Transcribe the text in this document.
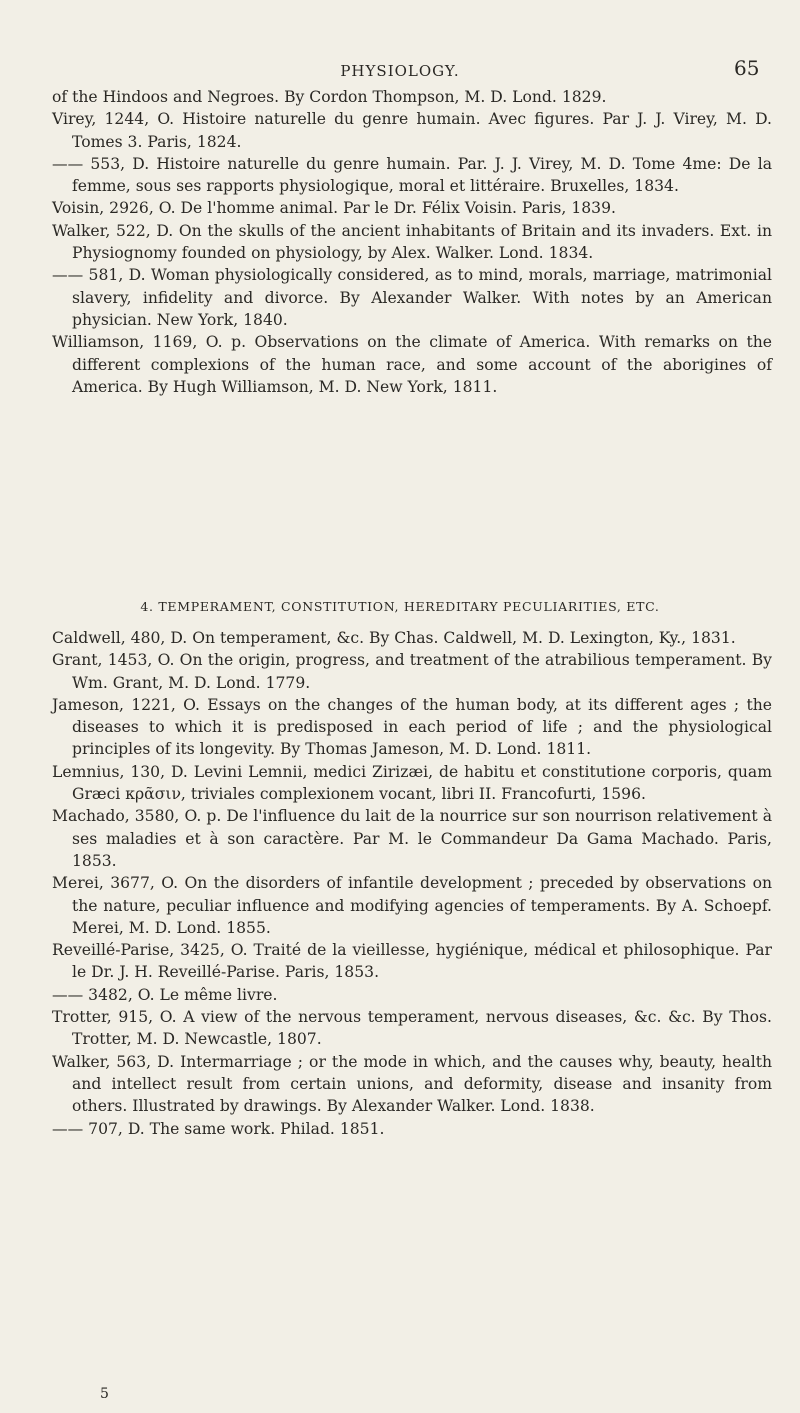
PHYSIOLOGY.	65

of the Hindoos and Negroes. By Cordon Thompson, M. D. Lond. 1829.

Virey, 1244, O. Histoire naturelle du genre humain. Avec figures. Par J. J. Virey, M. D. Tomes 3. Paris, 1824.

—— 553, D. Histoire naturelle du genre humain. Par. J. J. Virey, M. D. Tome 4me: De la femme, sous ses rapports physiologique, moral et littéraire. Bruxelles, 1834.

Voisin, 2926, O. De l'homme animal. Par le Dr. Félix Voisin. Paris, 1839.

Walker, 522, D. On the skulls of the ancient inhabitants of Britain and its invaders. Ext. in Physiognomy founded on physiology, by Alex. Walker. Lond. 1834.

—— 581, D. Woman physiologically considered, as to mind, morals, marriage, matrimonial slavery, infidelity and divorce. By Alexander Walker. With notes by an American physician. New York, 1840.

Williamson, 1169, O. p. Observations on the climate of America. With remarks on the different complexions of the human race, and some account of the aborigines of America. By Hugh Williamson, M. D. New York, 1811.

4. TEMPERAMENT, CONSTITUTION, HEREDITARY PECULIARITIES, ETC.

Caldwell, 480, D. On temperament, &c. By Chas. Caldwell, M. D. Lexington, Ky., 1831.

Grant, 1453, O. On the origin, progress, and treatment of the atrabilious temperament. By Wm. Grant, M. D. Lond. 1779.

Jameson, 1221, O. Essays on the changes of the human body, at its different ages ; the diseases to which it is predisposed in each period of life ; and the physiological principles of its longevity. By Thomas Jameson, M. D. Lond. 1811.

Lemnius, 130, D. Levini Lemnii, medici Zirizæi, de habitu et constitutione corporis, quam Græci κρᾶσιν, triviales complexionem vocant, libri II. Francofurti, 1596.

Machado, 3580, O. p. De l'influence du lait de la nourrice sur son nourrison relativement à ses maladies et à son caractère. Par M. le Commandeur Da Gama Machado. Paris, 1853.

Merei, 3677, O. On the disorders of infantile development ; preceded by observations on the nature, peculiar influence and modifying agencies of temperaments. By A. Schoepf. Merei, M. D. Lond. 1855.

Reveillé-Parise, 3425, O. Traité de la vieillesse, hygiénique, médical et philosophique. Par le Dr. J. H. Reveillé-Parise. Paris, 1853.

—— 3482, O. Le même livre.

Trotter, 915, O. A view of the nervous temperament, nervous diseases, &c. &c. By Thos. Trotter, M. D. Newcastle, 1807.

Walker, 563, D. Intermarriage ; or the mode in which, and the causes why, beauty, health and intellect result from certain unions, and deformity, disease and insanity from others. Illustrated by drawings. By Alexander Walker. Lond. 1838.

—— 707, D. The same work. Philad. 1851.

5
